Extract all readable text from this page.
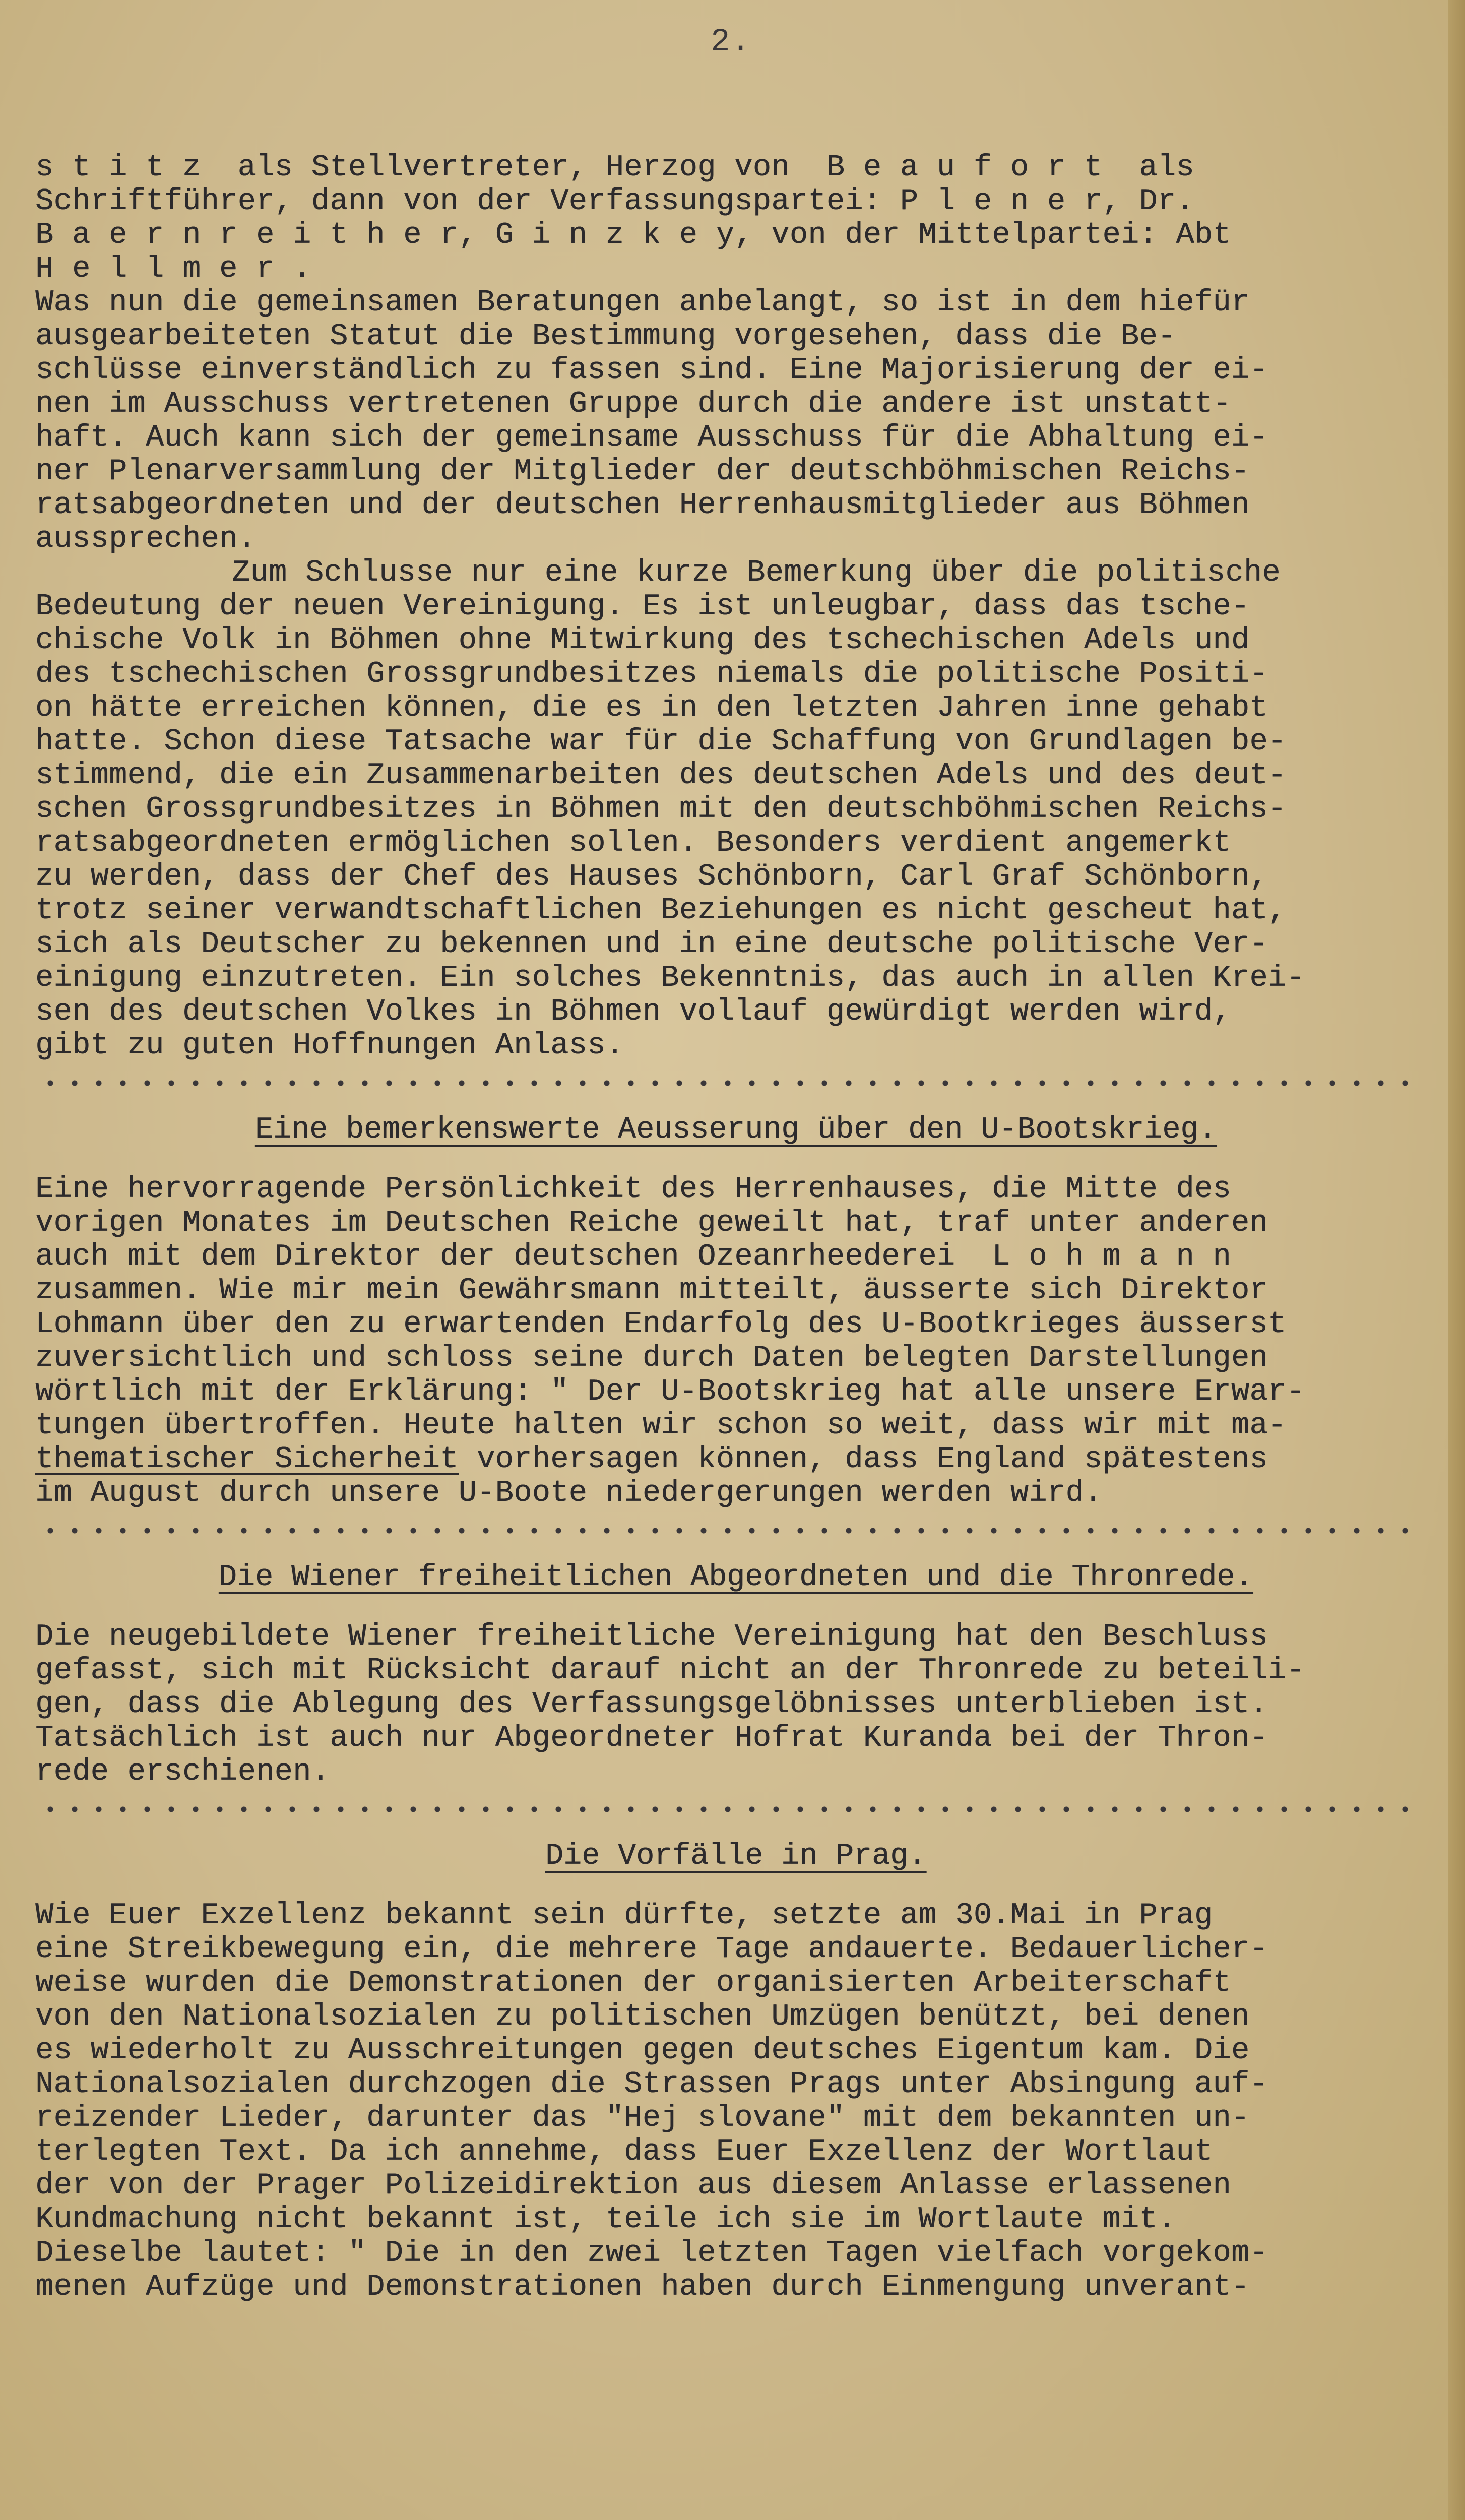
2.
s t i t z  als Stellvertreter, Herzog von  B e a u f o r t  als
Schriftführer, dann von der Verfassungspartei: P l e n e r, Dr.
B a e r n r e i t h e r, G i n z k e y, von der Mittelpartei: Abt
H e l l m e r .
Was nun die gemeinsamen Beratungen anbelangt, so ist in dem hiefür
ausgearbeiteten Statut die Bestimmung vorgesehen, dass die Be-
schlüsse einverständlich zu fassen sind. Eine Majorisierung der ei-
nen im Ausschuss vertretenen Gruppe durch die andere ist unstatt-
haft. Auch kann sich der gemeinsame Ausschuss für die Abhaltung ei-
ner Plenarversammlung der Mitglieder der deutschböhmischen Reichs-
ratsabgeordneten und der deutschen Herrenhausmitglieder aus Böhmen
aussprechen.
Zum Schlusse nur eine kurze Bemerkung über die politische
Bedeutung der neuen Vereinigung. Es ist unleugbar, dass das tsche-
chische Volk in Böhmen ohne Mitwirkung des tschechischen Adels und
des tschechischen Grossgrundbesitzes niemals die politische Positi-
on hätte erreichen können, die es in den letzten Jahren inne gehabt
hatte. Schon diese Tatsache war für die Schaffung von Grundlagen be-
stimmend, die ein Zusammenarbeiten des deutschen Adels und des deut-
schen Grossgrundbesitzes in Böhmen mit den deutschböhmischen Reichs-
ratsabgeordneten ermöglichen sollen. Besonders verdient angemerkt
zu werden, dass der Chef des Hauses Schönborn, Carl Graf Schönborn,
trotz seiner verwandtschaftlichen Beziehungen es nicht gescheut hat,
sich als Deutscher zu bekennen und in eine deutsche politische Ver-
einigung einzutreten. Ein solches Bekenntnis, das auch in allen Krei-
sen des deutschen Volkes in Böhmen vollauf gewürdigt werden wird,
gibt zu guten Hoffnungen Anlass.
Eine bemerkenswerte Aeusserung über den U-Bootskrieg.
Eine hervorragende Persönlichkeit des Herrenhauses, die Mitte des
vorigen Monates im Deutschen Reiche geweilt hat, traf unter anderen
auch mit dem Direktor der deutschen Ozeanrheederei  L o h m a n n
zusammen. Wie mir mein Gewährsmann mitteilt, äusserte sich Direktor
Lohmann über den zu erwartenden Endarfolg des U-Bootkrieges äusserst
zuversichtlich und schloss seine durch Daten belegten Darstellungen
wörtlich mit der Erklärung: " Der U-Bootskrieg hat alle unsere Erwar-
tungen übertroffen. Heute halten wir schon so weit, dass wir mit ma-
thematischer Sicherheit vorhersagen können, dass England spätestens
im August durch unsere U-Boote niedergerungen werden wird.
Die Wiener freiheitlichen Abgeordneten und die Thronrede.
Die neugebildete Wiener freiheitliche Vereinigung hat den Beschluss
gefasst, sich mit Rücksicht darauf nicht an der Thronrede zu beteili-
gen, dass die Ablegung des Verfassungsgelöbnisses unterblieben ist.
Tatsächlich ist auch nur Abgeordneter Hofrat Kuranda bei der Thron-
rede erschienen.
Die Vorfälle in Prag.
Wie Euer Exzellenz bekannt sein dürfte, setzte am 30.Mai in Prag
eine Streikbewegung ein, die mehrere Tage andauerte. Bedauerlicher-
weise wurden die Demonstrationen der organisierten Arbeiterschaft
von den Nationalsozialen zu politischen Umzügen benützt, bei denen
es wiederholt zu Ausschreitungen gegen deutsches Eigentum kam. Die
Nationalsozialen durchzogen die Strassen Prags unter Absingung auf-
reizender Lieder, darunter das "Hej slovane" mit dem bekannten un-
terlegten Text. Da ich annehme, dass Euer Exzellenz der Wortlaut
der von der Prager Polizeidirektion aus diesem Anlasse erlassenen
Kundmachung nicht bekannt ist, teile ich sie im Wortlaute mit.
Dieselbe lautet: " Die in den zwei letzten Tagen vielfach vorgekom-
menen Aufzüge und Demonstrationen haben durch Einmengung unverant-
